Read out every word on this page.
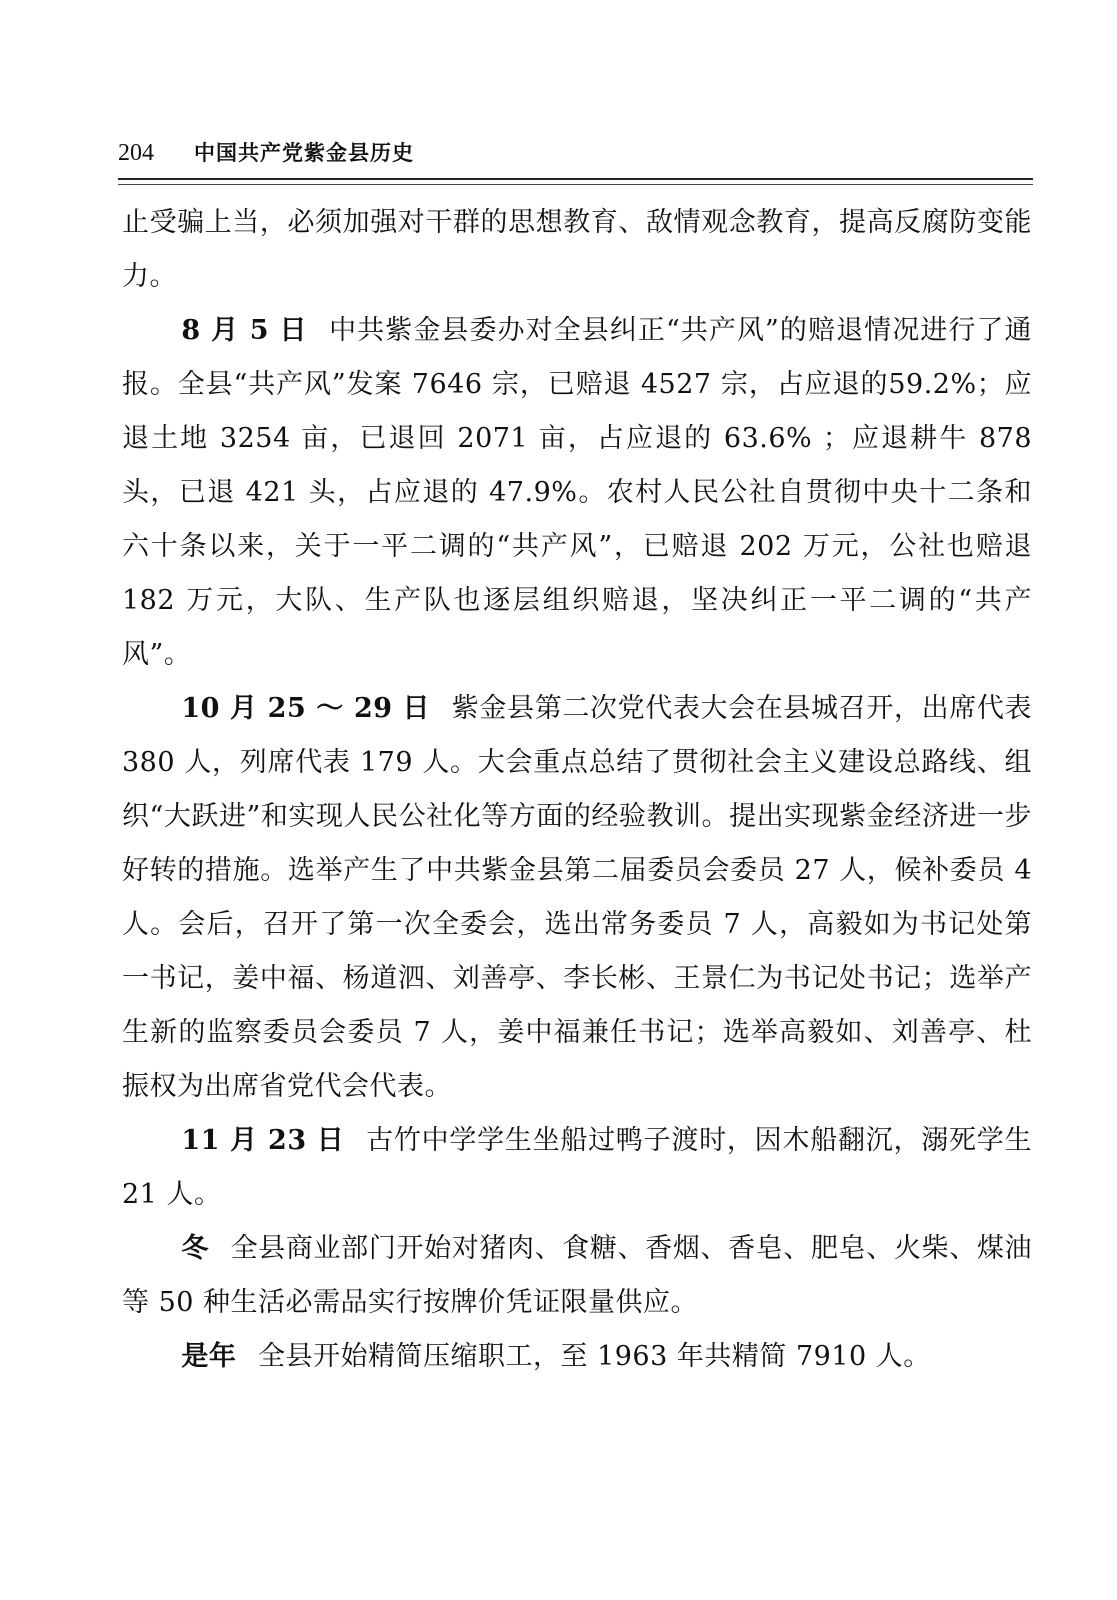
204 中国共产党紫金县历史

止受骗上当，必须加强对干群的思想教育、敌情观念教育，提高反腐防变能力。

8 月 5 日 中共紫金县委办对全县纠正“共产风”的赔退情况进行了通报。全县“共产风”发案 7646 宗，已赔退 4527 宗，占应退的59.2%；应退土地 3254 亩，已退回 2071 亩，占应退的 63.6% ；应退耕牛 878 头，已退 421 头，占应退的 47.9%。农村人民公社自贯彻中央十二条和六十条以来，关于一平二调的“共产风”，已赔退 202 万元，公社也赔退 182 万元，大队、生产队也逐层组织赔退，坚决纠正一平二调的“共产风”。

10 月 25 ～ 29 日 紫金县第二次党代表大会在县城召开，出席代表 380 人，列席代表 179 人。大会重点总结了贯彻社会主义建设总路线、组织“大跃进”和实现人民公社化等方面的经验教训。提出实现紫金经济进一步好转的措施。选举产生了中共紫金县第二届委员会委员 27 人，候补委员 4 人。会后，召开了第一次全委会，选出常务委员 7 人，高毅如为书记处第一书记，姜中福、杨道泗、刘善亭、李长彬、王景仁为书记处书记；选举产生新的监察委员会委员 7 人，姜中福兼任书记；选举高毅如、刘善亭、杜振权为出席省党代会代表。

11 月 23 日 古竹中学学生坐船过鸭子渡时，因木船翻沉，溺死学生 21 人。

冬 全县商业部门开始对猪肉、食糖、香烟、香皂、肥皂、火柴、煤油等 50 种生活必需品实行按牌价凭证限量供应。

是年 全县开始精简压缩职工，至 1963 年共精简 7910 人。
